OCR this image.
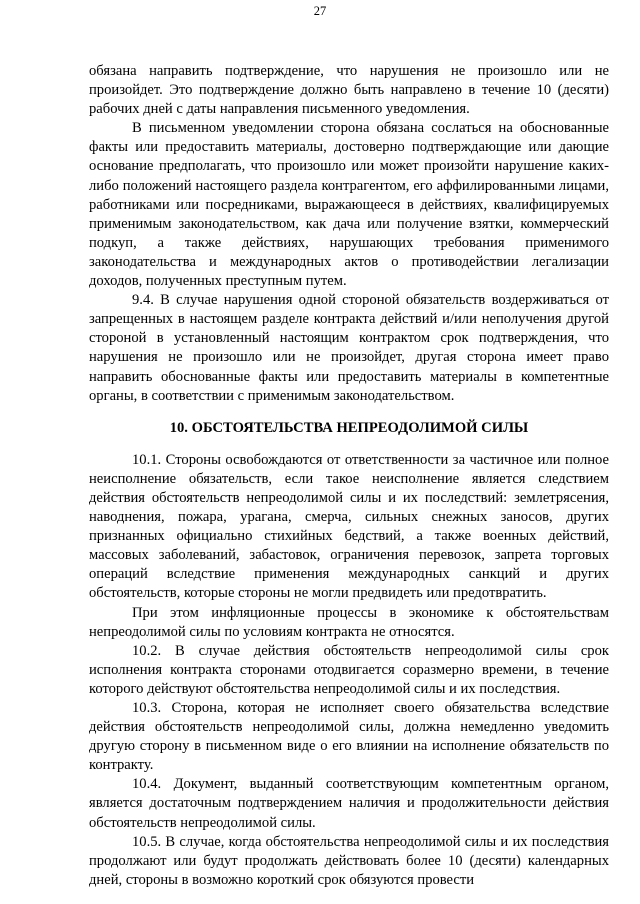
27

обязана направить подтверждение, что нарушения не произошло или не произойдет. Это подтверждение должно быть направлено в течение 10 (десяти) рабочих дней с даты направления письменного уведомления.

В письменном уведомлении сторона обязана сослаться на обоснованные факты или предоставить материалы, достоверно подтверждающие или дающие основание предполагать, что произошло или может произойти нарушение каких-либо положений настоящего раздела контрагентом, его аффилированными лицами, работниками или посредниками, выражающееся в действиях, квалифицируемых применимым законодательством, как дача или получение взятки, коммерческий подкуп, а также действиях, нарушающих требования применимого законодательства и международных актов о противодействии легализации доходов, полученных преступным путем.

9.4. В случае нарушения одной стороной обязательств воздерживаться от запрещенных в настоящем разделе контракта действий и/или неполучения другой стороной в установленный настоящим контрактом срок подтверждения, что нарушения не произошло или не произойдет, другая сторона имеет право направить обоснованные факты или предоставить материалы в компетентные органы, в соответствии с применимым законодательством.

10. ОБСТОЯТЕЛЬСТВА НЕПРЕОДОЛИМОЙ СИЛЫ

10.1. Стороны освобождаются от ответственности за частичное или полное неисполнение обязательств, если такое неисполнение является следствием действия обстоятельств непреодолимой силы и их последствий: землетрясения, наводнения, пожара, урагана, смерча, сильных снежных заносов, других признанных официально стихийных бедствий, а также военных действий, массовых заболеваний, забастовок, ограничения перевозок, запрета торговых операций вследствие применения международных санкций и других обстоятельств, которые стороны не могли предвидеть или предотвратить.

При этом инфляционные процессы в экономике к обстоятельствам непреодолимой силы по условиям контракта не относятся.

10.2. В случае действия обстоятельств непреодолимой силы срок исполнения контракта сторонами отодвигается соразмерно времени, в течение которого действуют обстоятельства непреодолимой силы и их последствия.

10.3. Сторона, которая не исполняет своего обязательства вследствие действия обстоятельств непреодолимой силы, должна немедленно уведомить другую сторону в письменном виде о его влиянии на исполнение обязательств по контракту.

10.4. Документ, выданный соответствующим компетентным органом, является достаточным подтверждением наличия и продолжительности действия обстоятельств непреодолимой силы.

10.5. В случае, когда обстоятельства непреодолимой силы и их последствия продолжают или будут продолжать действовать более 10 (десяти) календарных дней, стороны в возможно короткий срок обязуются провести
